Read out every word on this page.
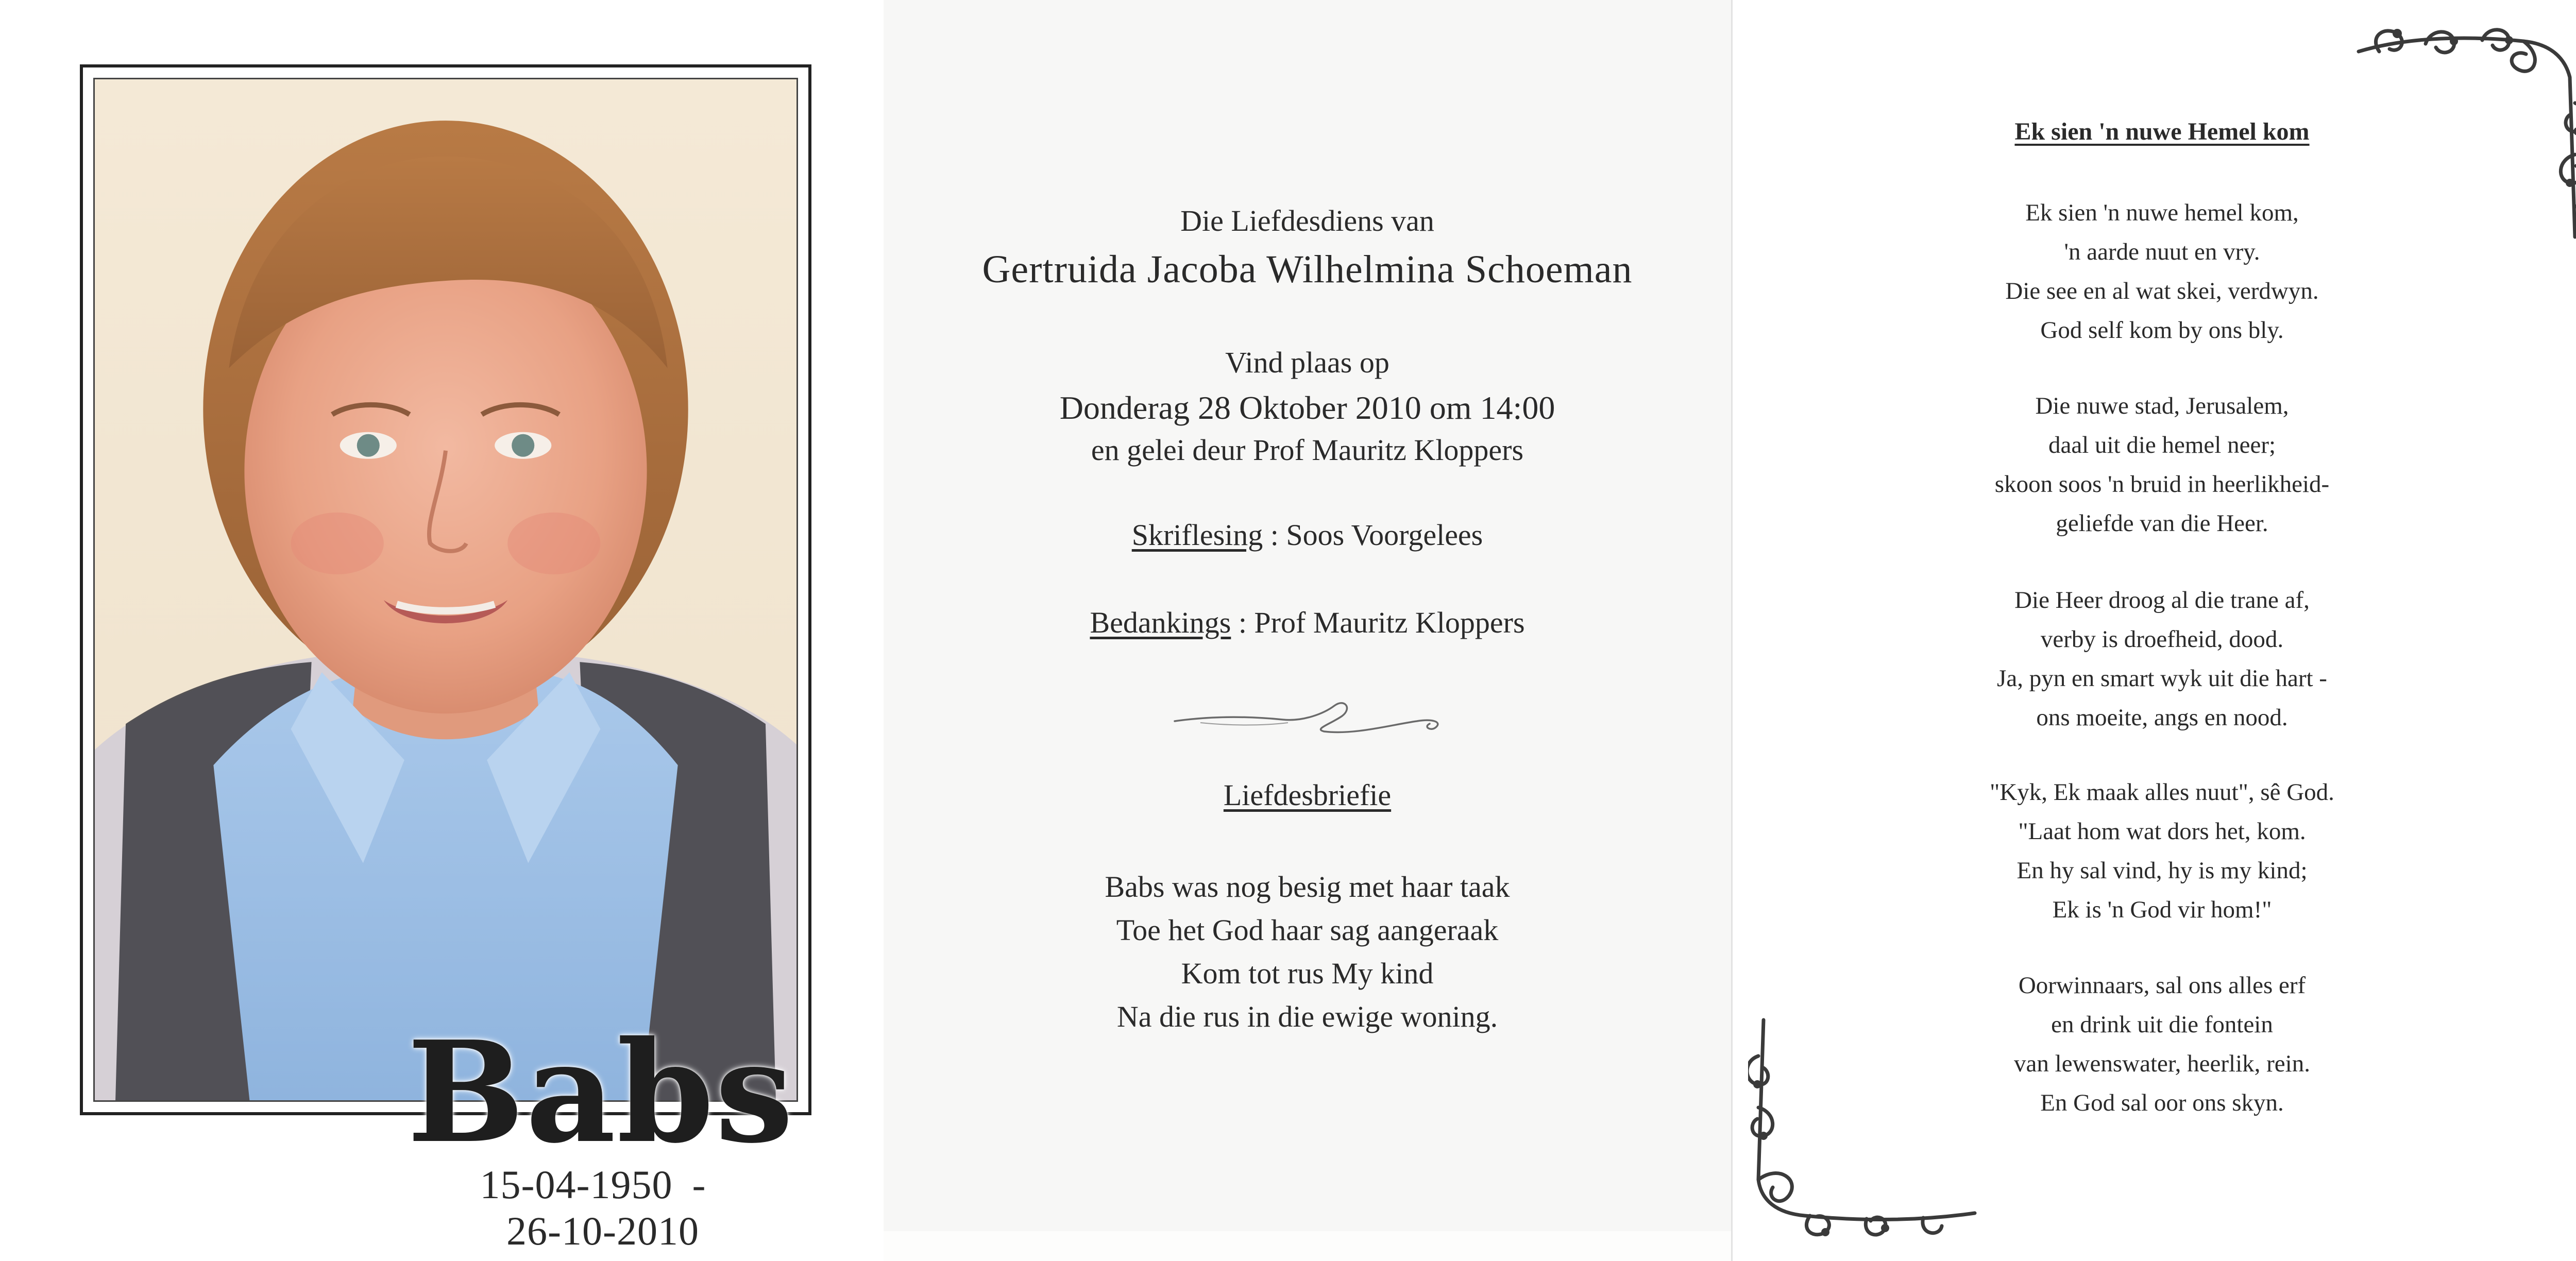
Babs
15-04-1950 -26-10-2010
Die Liefdesdiens van
Gertruida Jacoba Wilhelmina Schoeman
Vind plaas op
Donderag 28 Oktober 2010 om 14:00
en gelei deur Prof Mauritz Kloppers
Skriflesing : Soos Voorgelees
Bedankings : Prof Mauritz Kloppers
Liefdesbriefie
Babs was nog besig met haar taak
Toe het God haar sag aangeraak
Kom tot rus My kind
Na die rus in die ewige woning.
Ek sien 'n nuwe Hemel kom
Ek sien 'n nuwe hemel kom,
'n aarde nuut en vry.
Die see en al wat skei, verdwyn.
God self kom by ons bly.
Die nuwe stad, Jerusalem,
daal uit die hemel neer;
skoon soos 'n bruid in heerlikheid-
geliefde van die Heer.
Die Heer droog al die trane af,
verby is droefheid, dood.
Ja, pyn en smart wyk uit die hart -
ons moeite, angs en nood.
"Kyk, Ek maak alles nuut", sê God.
"Laat hom wat dors het, kom.
En hy sal vind, hy is my kind;
Ek is 'n God vir hom!"
Oorwinnaars, sal ons alles erf
en drink uit die fontein
van lewenswater, heerlik, rein.
En God sal oor ons skyn.
